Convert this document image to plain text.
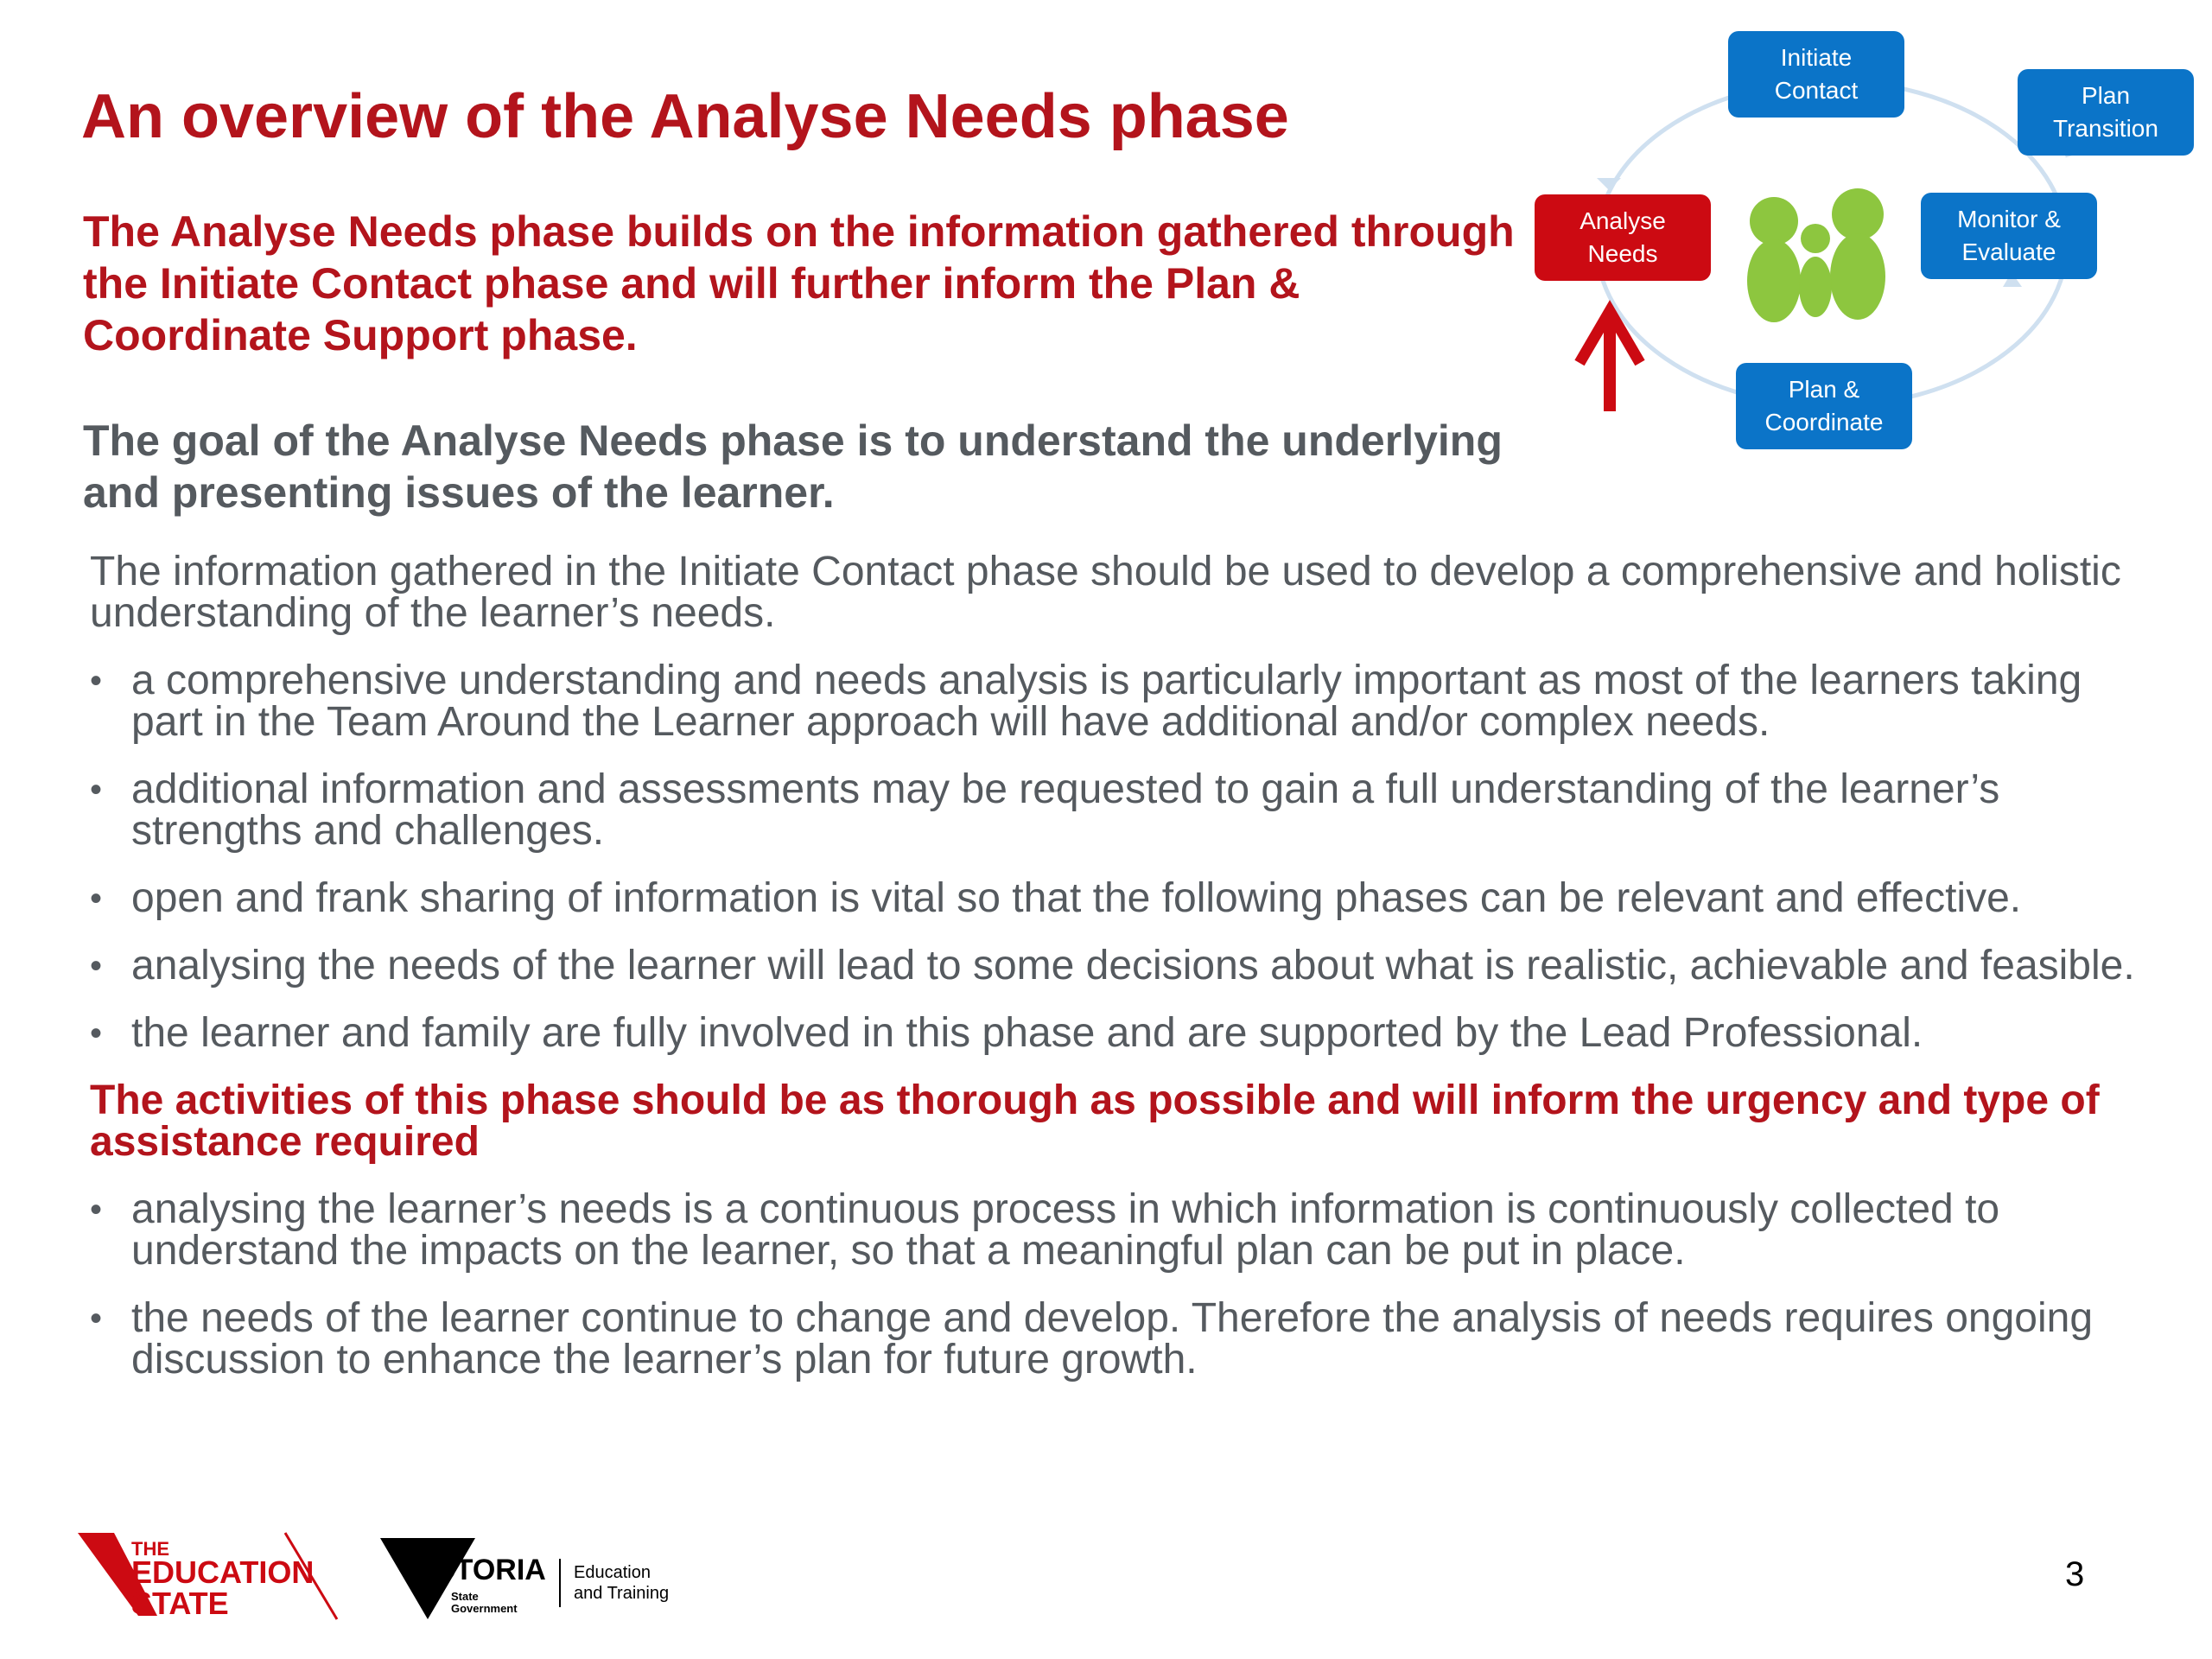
An overview of the Analyse Needs phase

The Analyse Needs phase builds on the information gathered through the Initiate Contact phase and will further inform the Plan & Coordinate Support phase.

The goal of the Analyse Needs phase is to understand the underlying and presenting issues of the learner.

Initiate
Contact	Plan
Transition
Analyse
Needs
Monitor &
Evaluate
Plan &
Coordinate

The information gathered in the Initiate Contact phase should be used to develop a comprehensive and holistic understanding of the learner’s needs.

• a comprehensive understanding and needs analysis is particularly important as most of the learners taking part in the Team Around the Learner approach will have additional and/or complex needs.
• additional information and assessments may be requested to gain a full understanding of the learner’s strengths and challenges.
• open and frank sharing of information is vital so that the following phases can be relevant and effective.
• analysing the needs of the learner will lead to some decisions about what is realistic, achievable and feasible.
• the learner and family are fully involved in this phase and are supported by the Lead Professional.

The activities of this phase should be as thorough as possible and will inform the urgency and type of assistance required

• analysing the learner’s needs is a continuous process in which information is continuously collected to understand the impacts on the learner, so that a meaningful plan can be put in place.
• the needs of the learner continue to change and develop. Therefore the analysis of needs requires ongoing discussion to enhance the learner’s plan for future growth.
THE
EDUCATION
STATE
VICTORIA
State
Government
Education
and Training	3
